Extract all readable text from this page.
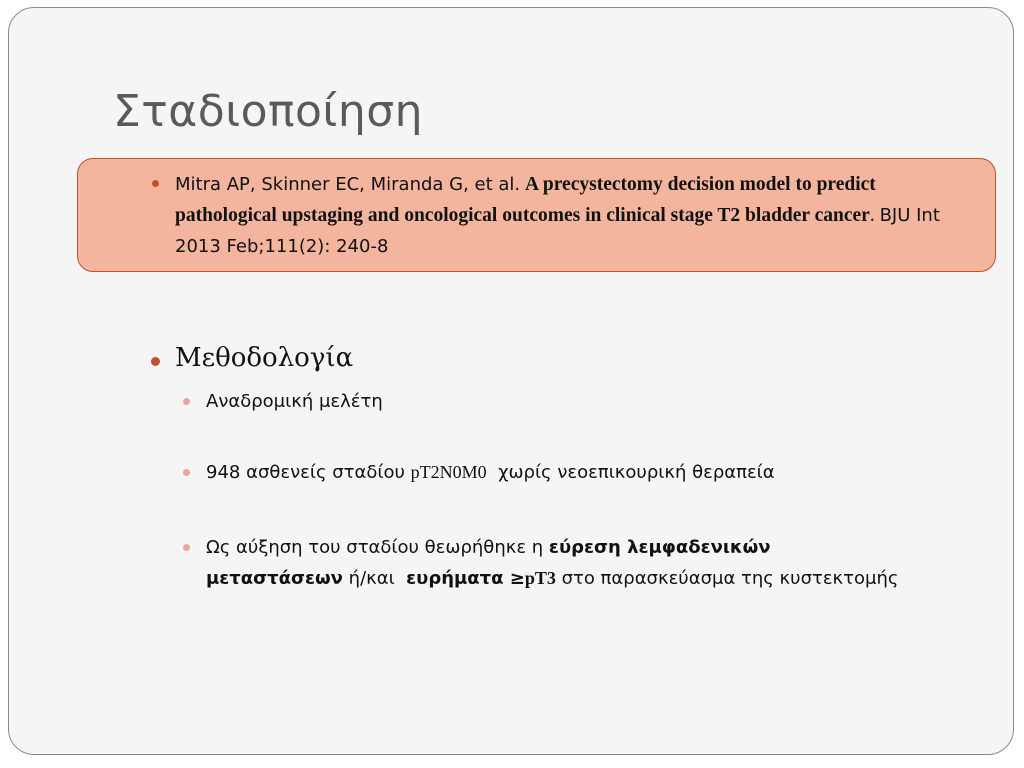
Σταδιοποίηση
Mitra AP, Skinner EC, Miranda G, et al. A precystectomy decision model to predict pathological upstaging and oncological outcomes in clinical stage T2 bladder cancer. BJU Int 2013 Feb;111(2): 240-8
Μεθοδολογία
Αναδρομική μελέτη
948 ασθενείς σταδίου pT2N0M0  χωρίς νεοεπικουρική θεραπεία
Ως αύξηση του σταδίου θεωρήθηκε η εύρεση λεμφαδενικών μεταστάσεων ή/και  ευρήματα ≥pT3 στο παρασκεύασμα της κυστεκτομής
